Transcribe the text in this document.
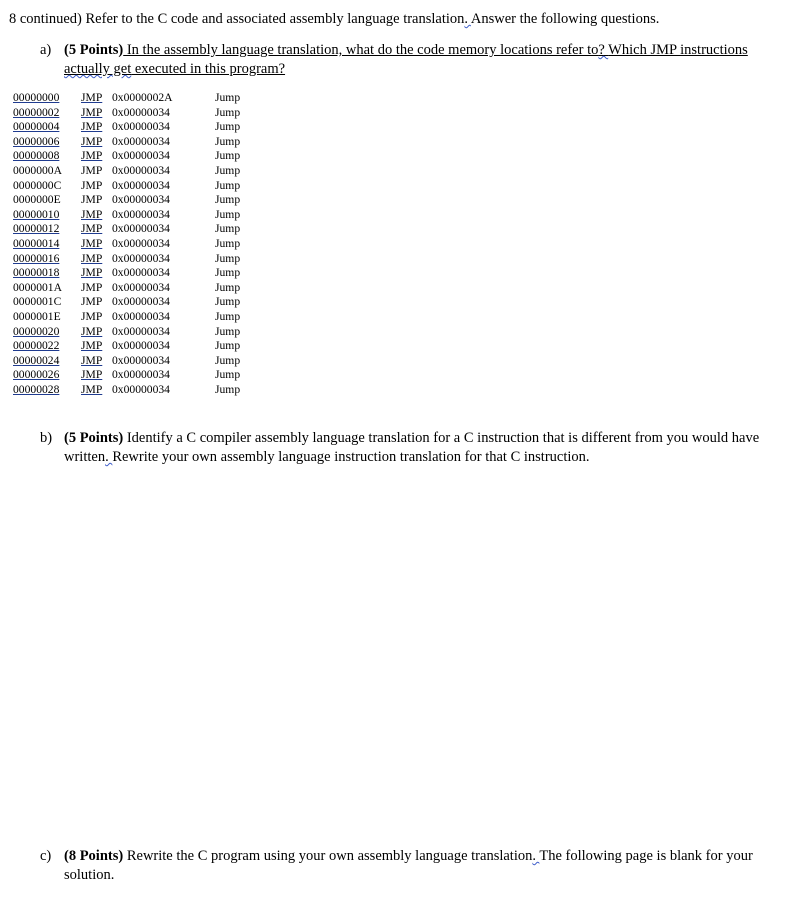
8 continued) Refer to the C code and associated assembly language translation. Answer the following questions.
a) (5 Points) In the assembly language translation, what do the code memory locations refer to? Which JMP instructions actually get executed in this program?
00000000	JMP 0x0000002A	Jump
00000002	JMP 0x00000034	Jump
00000004	JMP 0x00000034	Jump
00000006	JMP 0x00000034	Jump
00000008	JMP 0x00000034	Jump
0000000A	JMP 0x00000034	Jump
0000000C	JMP 0x00000034	Jump
0000000E	JMP 0x00000034	Jump
00000010	JMP 0x00000034	Jump
00000012	JMP 0x00000034	Jump
00000014	JMP 0x00000034	Jump
00000016	JMP 0x00000034	Jump
00000018	JMP 0x00000034	Jump
0000001A	JMP 0x00000034	Jump
0000001C	JMP 0x00000034	Jump
0000001E	JMP 0x00000034	Jump
00000020	JMP 0x00000034	Jump
00000022	JMP 0x00000034	Jump
00000024	JMP 0x00000034	Jump
00000026	JMP 0x00000034	Jump
00000028	JMP 0x00000034	Jump
b) (5 Points) Identify a C compiler assembly language translation for a C instruction that is different from you would have written. Rewrite your own assembly language instruction translation for that C instruction.
c) (8 Points) Rewrite the C program using your own assembly language translation. The following page is blank for your solution.
